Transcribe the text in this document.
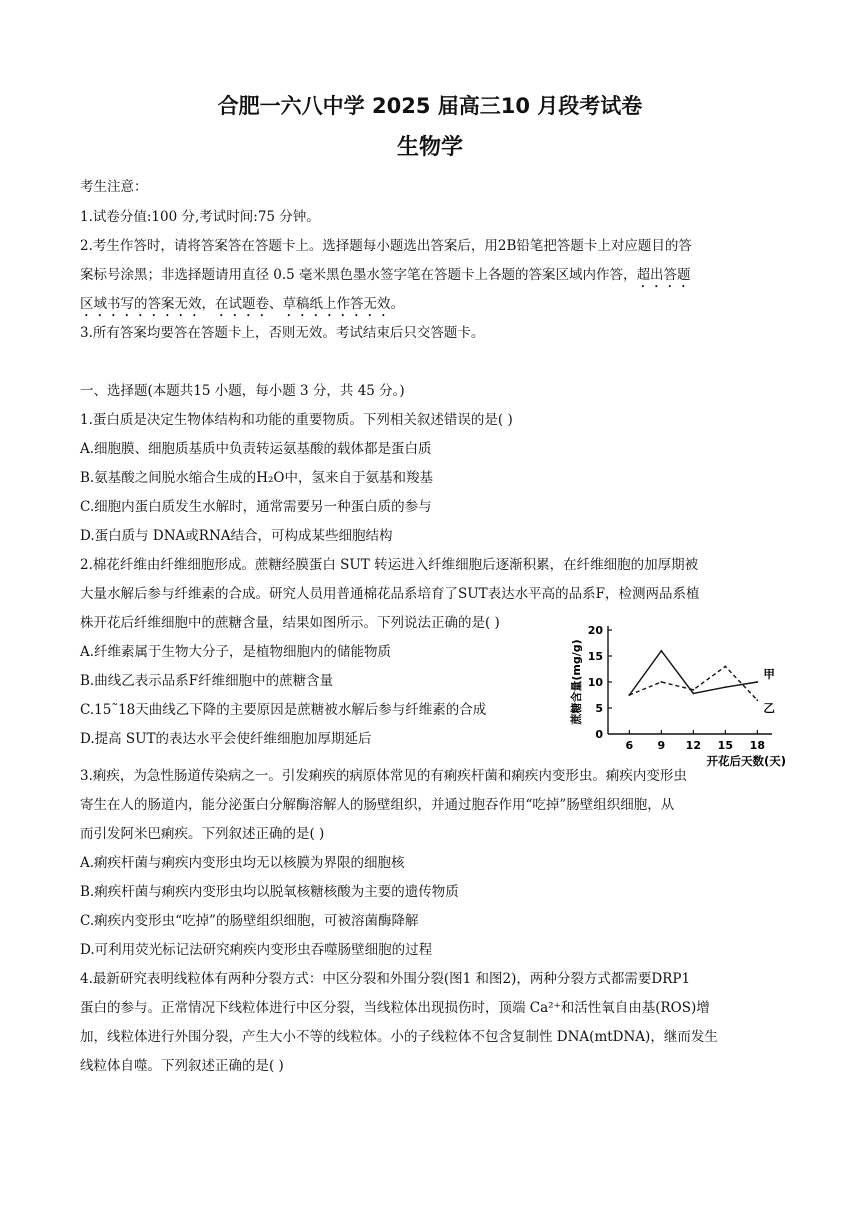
合肥一六八中学 2025 届高三10 月段考试卷
生物学
考生注意：
1.试卷分值:100 分,考试时间:75 分钟。
2.考生作答时，请将答案答在答题卡上。选择题每小题选出答案后，用2B铅笔把答题卡上对应题目的答
案标号涂黑；非选择题请用直径 0.5 毫米黑色墨水签字笔在答题卡上各题的答案区域内作答，超出答题
区域书写的答案无效，在试题卷、草稿纸上作答无效。
3.所有答案均要答在答题卡上，否则无效。考试结束后只交答题卡。
一、选择题(本题共15 小题，每小题 3 分，共 45 分。)
1.蛋白质是决定生物体结构和功能的重要物质。下列相关叙述错误的是( )
A.细胞膜、细胞质基质中负责转运氨基酸的载体都是蛋白质
B.氨基酸之间脱水缩合生成的H₂O中，氢来自于氨基和羧基
C.细胞内蛋白质发生水解时，通常需要另一种蛋白质的参与
D.蛋白质与 DNA或RNA结合，可构成某些细胞结构
2.棉花纤维由纤维细胞形成。蔗糖经膜蛋白 SUT 转运进入纤维细胞后逐渐积累，在纤维细胞的加厚期被
大量水解后参与纤维素的合成。研究人员用普通棉花品系培育了SUT表达水平高的品系F，检测两品系植
株开花后纤维细胞中的蔗糖含量，结果如图所示。下列说法正确的是( )
A.纤维素属于生物大分子，是植物细胞内的储能物质
B.曲线乙表示品系F纤维细胞中的蔗糖含量
C.15˜18天曲线乙下降的主要原因是蔗糖被水解后参与纤维素的合成
D.提高 SUT的表达水平会使纤维细胞加厚期延后	0
5
10
15
20
6 9 12 15 18
开花后天数(天)
蔗糖含量(mg/g)	甲
乙
3.痢疾，为急性肠道传染病之一。引发痢疾的病原体常见的有痢疾杆菌和痢疾内变形虫。痢疾内变形虫
寄生在人的肠道内，能分泌蛋白分解酶溶解人的肠壁组织，并通过胞吞作用“吃掉”肠壁组织细胞，从
而引发阿米巴痢疾。下列叙述正确的是( )
A.痢疾杆菌与痢疾内变形虫均无以核膜为界限的细胞核
B.痢疾杆菌与痢疾内变形虫均以脱氧核糖核酸为主要的遗传物质
C.痢疾内变形虫“吃掉”的肠壁组织细胞，可被溶菌酶降解
D.可利用荧光标记法研究痢疾内变形虫吞噬肠壁细胞的过程
4.最新研究表明线粒体有两种分裂方式：中区分裂和外围分裂(图1 和图2)，两种分裂方式都需要DRP1
蛋白的参与。正常情况下线粒体进行中区分裂，当线粒体出现损伤时，顶端 Ca²⁺和活性氧自由基(ROS)增
加，线粒体进行外围分裂，产生大小不等的线粒体。小的子线粒体不包含复制性 DNA(mtDNA)，继而发生
线粒体自噬。下列叙述正确的是( )
